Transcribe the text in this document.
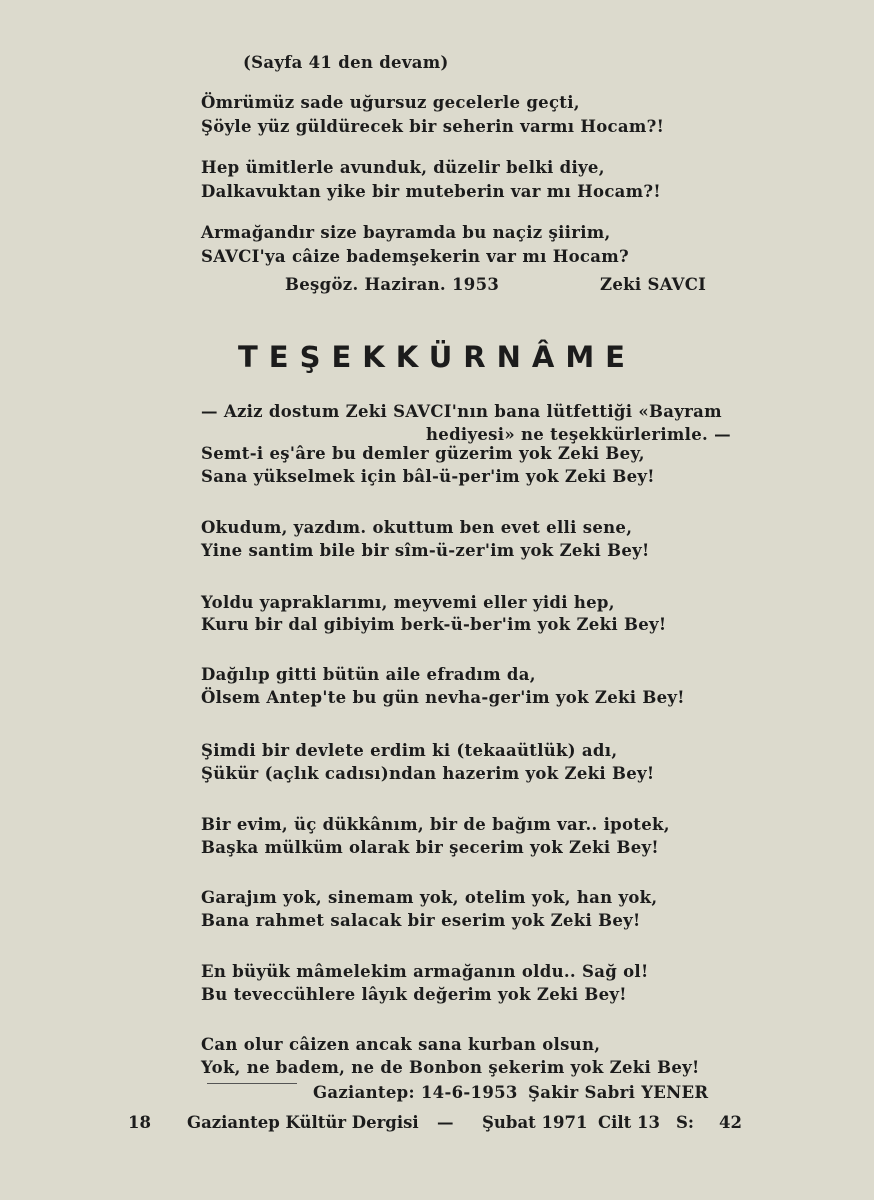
(Sayfa 41 den devam)
Ömrümüz sade uğursuz gecelerle geçti,
Şöyle yüz güldürecek bir seherin varmı Hocam?!
Hep ümitlerle avunduk, düzelir belki diye,
Dalkavuktan yike bir muteberin var mı Hocam?!
Armağandır size bayramda bu naçiz şiirim,
SAVCI'ya câize bademşekerin var mı Hocam?
Beşgöz. Haziran. 1953	Zeki SAVCI
TEŞEKKÜRNÂME
— Aziz dostum Zeki SAVCI'nın bana lütfettiği «Bayram
hediyesi» ne teşekkürlerimle. —
Semt-i eş'âre bu demler güzerim yok Zeki Bey,
Sana yükselmek için bâl-ü-per'im yok Zeki Bey!
Okudum, yazdım. okuttum ben evet elli sene,
Yine santim bile bir sîm-ü-zer'im yok Zeki Bey!
Yoldu yapraklarımı, meyvemi eller yidi hep,
Kuru bir dal gibiyim berk-ü-ber'im yok Zeki Bey!
Dağılıp gitti bütün aile efradım da,
Ölsem Antep'te bu gün nevha-ger'im yok Zeki Bey!
Şimdi bir devlete erdim ki (tekaaütlük) adı,
Şükür (açlık cadısı)ndan hazerim yok Zeki Bey!
Bir evim, üç dükkânım, bir de bağım var.. ipotek,
Başka mülküm olarak bir şecerim yok Zeki Bey!
Garajım yok, sinemam yok, otelim yok, han yok,
Bana rahmet salacak bir eserim yok Zeki Bey!
En büyük mâmelekim armağanın oldu.. Sağ ol!
Bu teveccühlere lâyık değerim yok Zeki Bey!
Can olur câizen ancak sana kurban olsun,
Yok, ne badem, ne de Bonbon şekerim yok Zeki Bey!
Gaziantep: 14-6-1953 Şakir Sabri YENER
18 Gaziantep Kültür Dergisi — Şubat 1971 Cilt 13 S: 42
